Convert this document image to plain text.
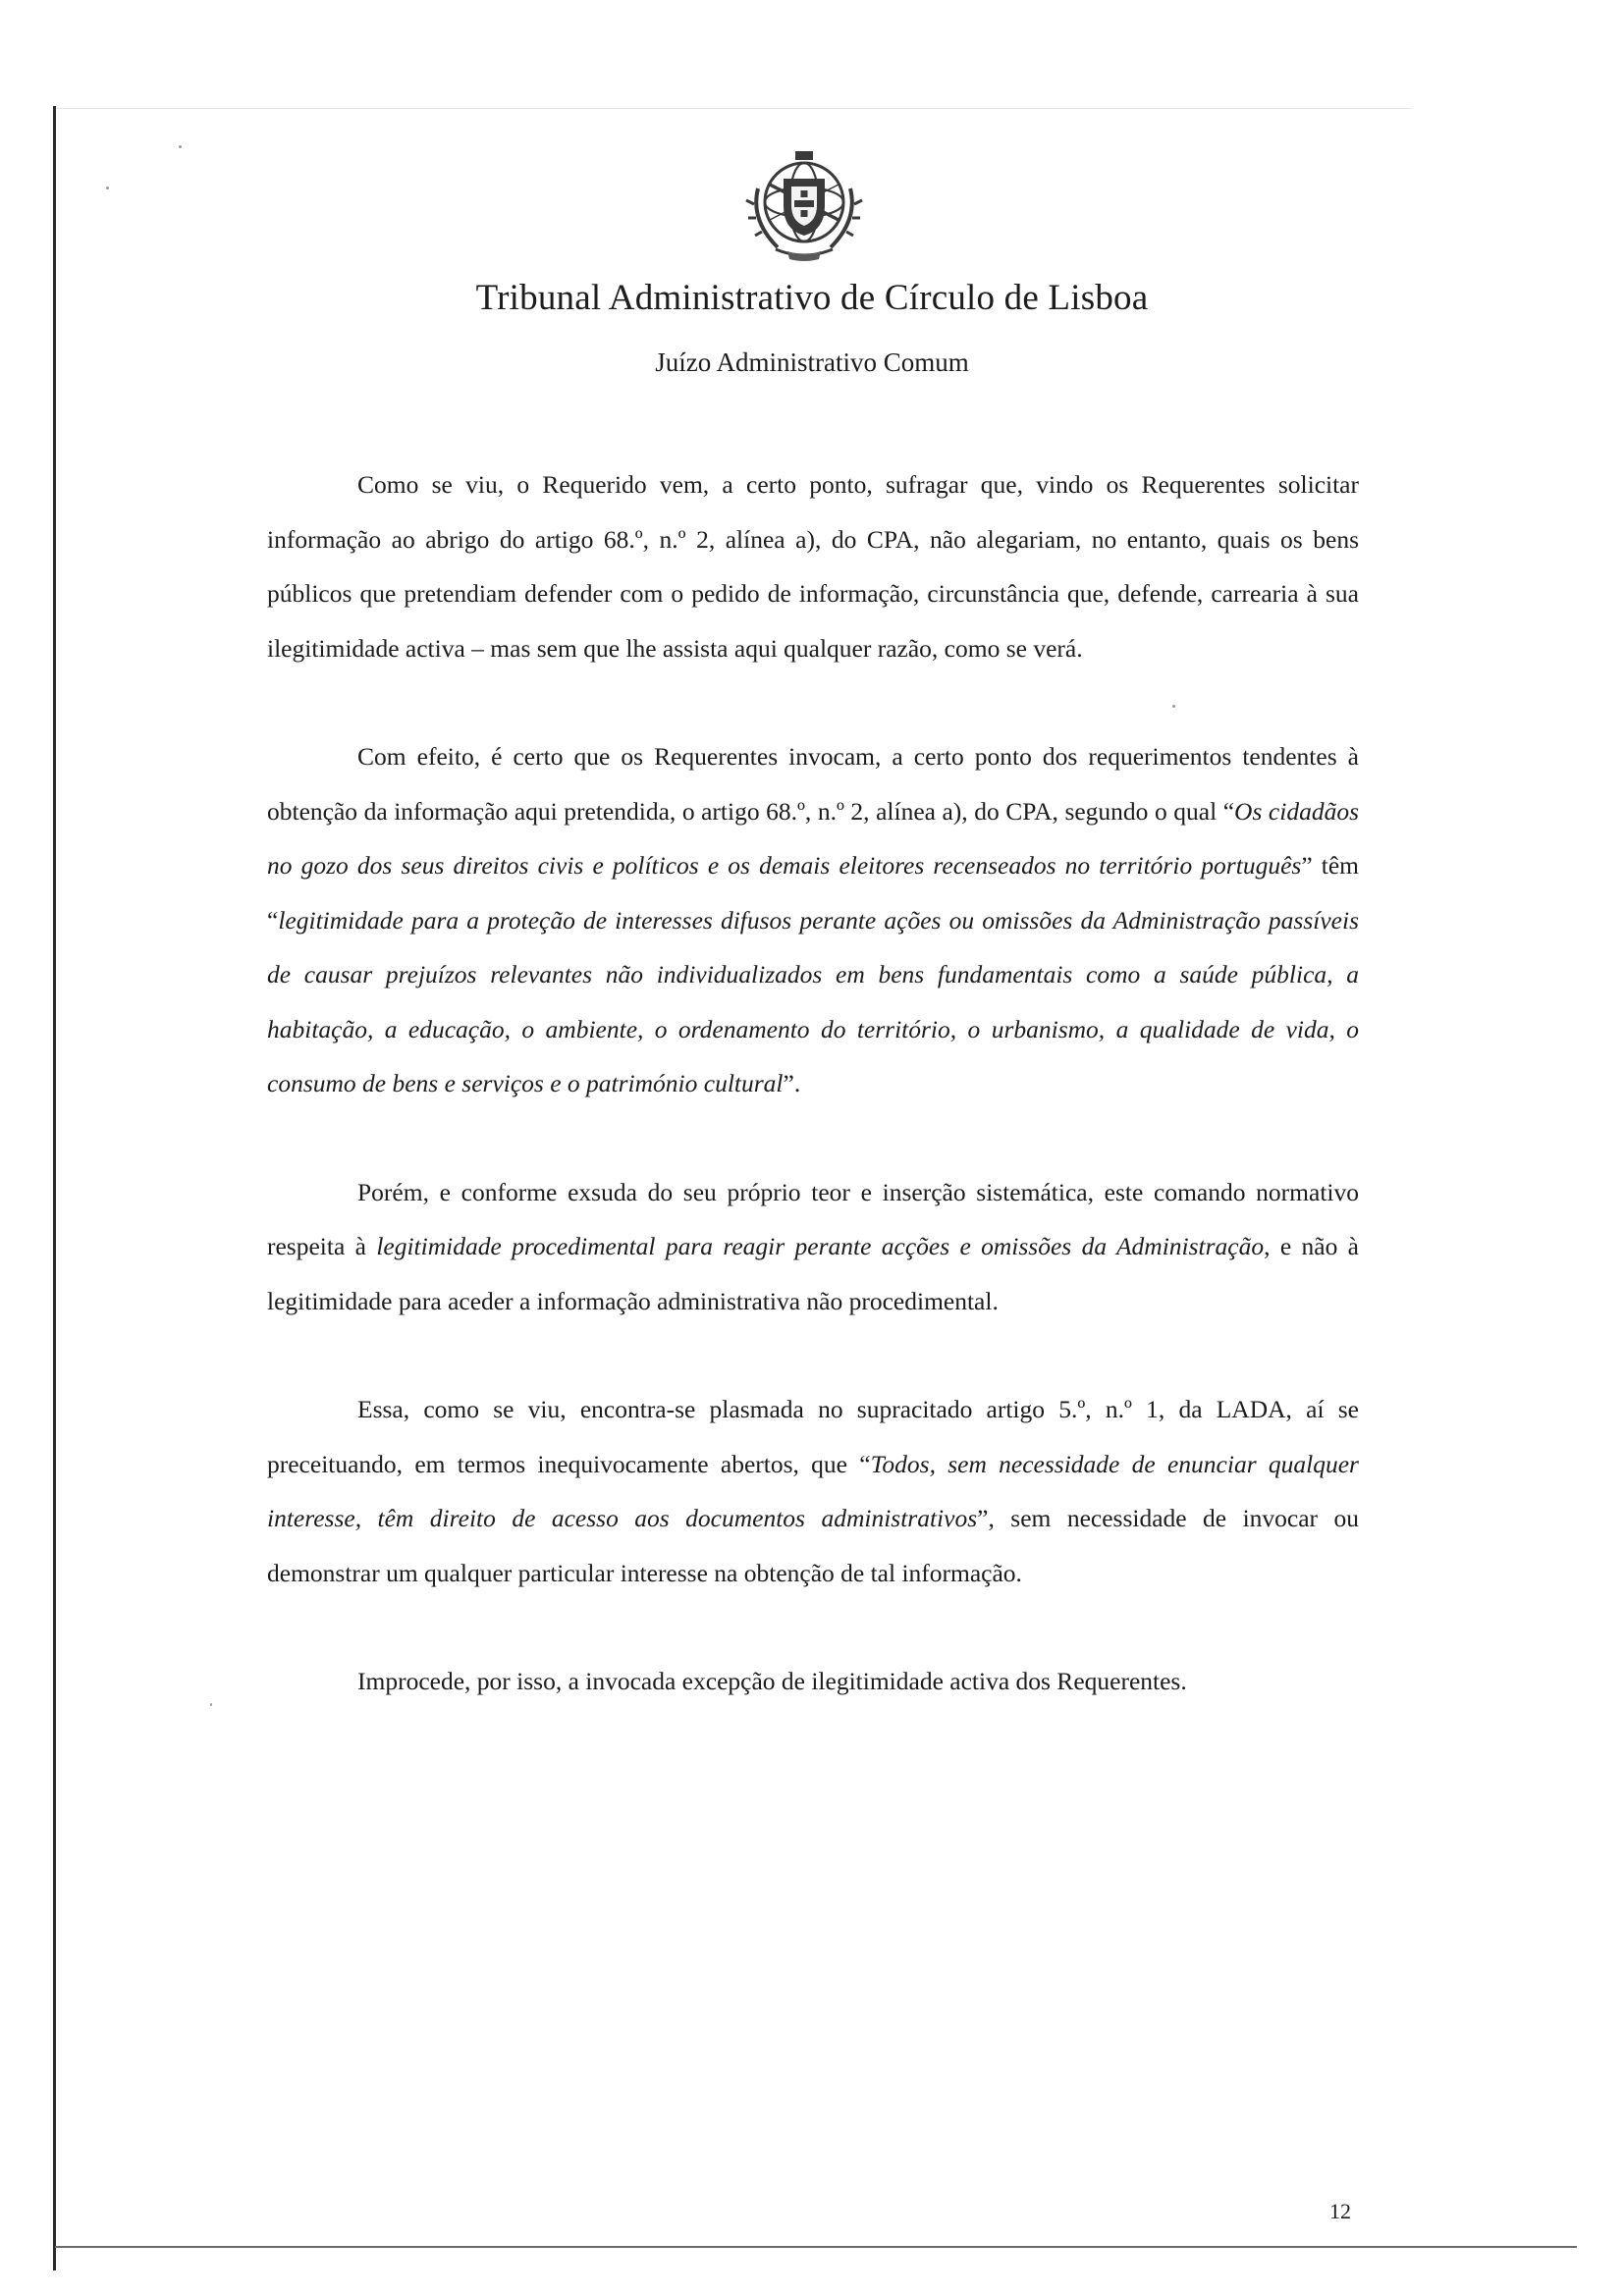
Tribunal Administrativo de Círculo de Lisboa
Juízo Administrativo Comum

Como se viu, o Requerido vem, a certo ponto, sufragar que, vindo os Requerentes solicitar informação ao abrigo do artigo 68.º, n.º 2, alínea a), do CPA, não alegariam, no entanto, quais os bens públicos que pretendiam defender com o pedido de informação, circunstância que, defende, carrearia à sua ilegitimidade activa – mas sem que lhe assista aqui qualquer razão, como se verá.

Com efeito, é certo que os Requerentes invocam, a certo ponto dos requerimentos tendentes à obtenção da informação aqui pretendida, o artigo 68.º, n.º 2, alínea a), do CPA, segundo o qual “Os cidadãos no gozo dos seus direitos civis e políticos e os demais eleitores recenseados no território português” têm “legitimidade para a proteção de interesses difusos perante ações ou omissões da Administração passíveis de causar prejuízos relevantes não individualizados em bens fundamentais como a saúde pública, a habitação, a educação, o ambiente, o ordenamento do território, o urbanismo, a qualidade de vida, o consumo de bens e serviços e o património cultural”.

Porém, e conforme exsuda do seu próprio teor e inserção sistemática, este comando normativo respeita à legitimidade procedimental para reagir perante acções e omissões da Administração, e não à legitimidade para aceder a informação administrativa não procedimental.

Essa, como se viu, encontra-se plasmada no supracitado artigo 5.º, n.º 1, da LADA, aí se preceituando, em termos inequivocamente abertos, que “Todos, sem necessidade de enunciar qualquer interesse, têm direito de acesso aos documentos administrativos”, sem necessidade de invocar ou demonstrar um qualquer particular interesse na obtenção de tal informação.

Improcede, por isso, a invocada excepção de ilegitimidade activa dos Requerentes.

12
